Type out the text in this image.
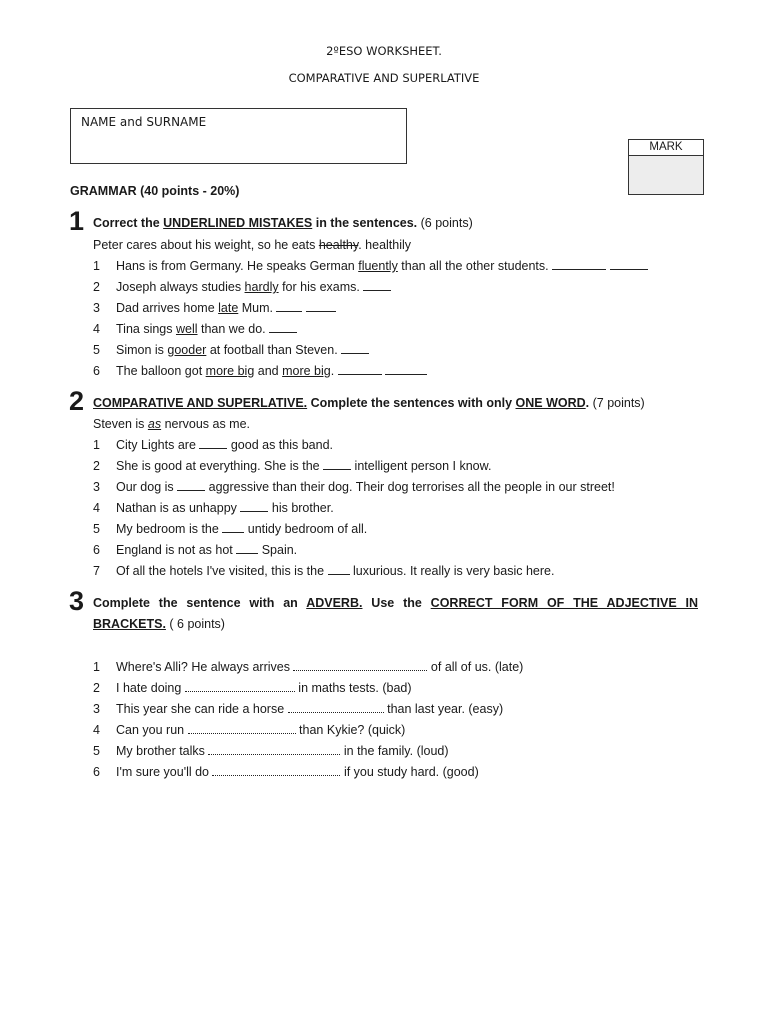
2ºESO WORKSHEET.
COMPARATIVE AND SUPERLATIVE
NAME and SURNAME
MARK
GRAMMAR (40 points - 20%)
1 Correct the UNDERLINED MISTAKES in the sentences. (6 points)
Peter cares about his weight, so he eats healthy. healthily
1 Hans is from Germany. He speaks German fluently than all the other students.
2 Joseph always studies hardly for his exams.
3 Dad arrives home late Mum.
4 Tina sings well than we do.
5 Simon is gooder at football than Steven.
6 The balloon got more big and more big.
2 COMPARATIVE AND SUPERLATIVE. Complete the sentences with only ONE WORD. (7 points)
Steven is as nervous as me.
1 City Lights are  good as this band.
2 She is good at everything. She is the  intelligent person I know.
3 Our dog is  aggressive than their dog. Their dog terrorises all the people in our street!
4 Nathan is as unhappy  his brother.
5 My bedroom is the  untidy bedroom of all.
6 England is not as hot  Spain.
7 Of all the hotels I've visited, this is the  luxurious. It really is very basic here.
3 Complete the sentence with an ADVERB. Use the CORRECT FORM OF THE ADJECTIVE IN
BRACKETS. ( 6 points)
1 Where's Alli? He always arrives	of all of us. (late)
2 I hate doing	in maths tests. (bad)
3 This year she can ride a horse	than last year. (easy)
4 Can you run	than Kykie? (quick)
5 My brother talks	in the family. (loud)
6 I'm sure you'll do	if you study hard. (good)
